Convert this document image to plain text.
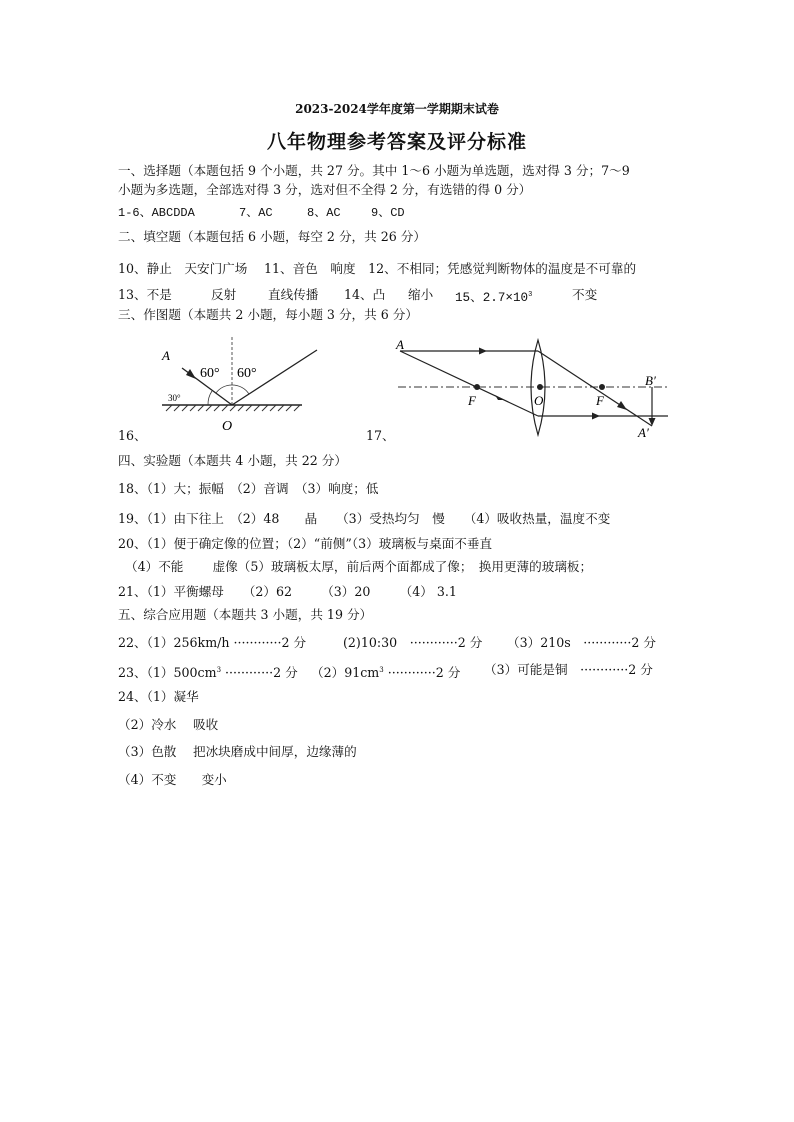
2023-2024学年度第一学期期末试卷
八年物理参考答案及评分标准
一、选择题（本题包括 9 个小题，共 27 分。其中 1～6 小题为单选题，选对得 3 分；7～9
小题为多选题，全部选对得 3 分，选对但不全得 2 分，有选错的得 0 分）
1-6、ABCDDA	7、AC	8、AC	9、CD
二、填空题（本题包括 6 小题，每空 2 分，共 26 分）
10、静止　天安门广场　 11、音色　响度　12、不相同；凭感觉判断物体的温度是不可靠的
13、不是	反射	直线传播 14、凸 缩小 15、$2.7\times 10^3$	不变
三、作图题（本题共 2 小题，每小题 3 分，共 6 分）
A
60° 60°
30°
O
16、
A
F	O	F
B′
A′
17、
四、实验题（本题共 4 小题，共 22 分）
18、（1）大；振幅　（2）音调　（3）响度；低
19、（1）由下往上　（2）48　　晶　　（3）受热均匀　慢　　（4）吸收热量，温度不变
20、（1）便于确定像的位置；（2）“前侧”（3）玻璃板与桌面不垂直
（4）不能　　 虚像（5）玻璃板太厚，前后两个面都成了像；　换用更薄的玻璃板；
21、（1）平衡螺母　　（2）62　　 （3）20　　 （4） 3.1
五、综合应用题（本题共 3 小题，共 19 分）
22、（1）256km/h ············2 分	(2)10:30　············2 分 （3）210s　············2 分
23、$(1)500cm^3 \cdot\cdot\cdot\cdot\cdot\cdot\cdot\cdot\cdot\cdot\cdot\cdot 2$ 分 $(2)91cm^3 \cdot\cdot\cdot\cdot\cdot\cdot\cdot\cdot\cdot\cdot\cdot\cdot 2$ 分 （3）可能是铜　············2 分
24、（1）凝华
（2）冷水　 吸收
（3）色散　 把冰块磨成中间厚，边缘薄的
（4）不变　　变小
